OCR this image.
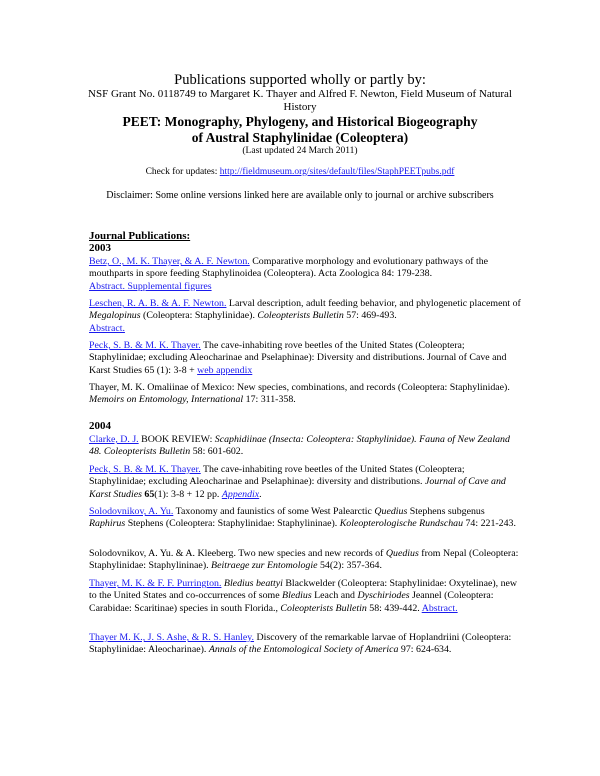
Publications supported wholly or partly by:
NSF Grant No. 0118749 to Margaret K. Thayer and Alfred F. Newton, Field Museum of Natural History
PEET: Monography, Phylogeny, and Historical Biogeography
of Austral Staphylinidae (Coleoptera)
(Last updated 24 March 2011)
Check for updates: http://fieldmuseum.org/sites/default/files/StaphPEETpubs.pdf
Disclaimer: Some online versions linked here are available only to journal or archive subscribers
Journal Publications:
2003

Betz, O., M. K. Thayer, & A. F. Newton. Comparative morphology and evolutionary pathways of the mouthparts in spore feeding Staphylinoidea (Coleoptera). Acta Zoologica 84: 179-238.

Abstract. Supplemental figures

Leschen, R. A. B. & A. F. Newton. Larval description, adult feeding behavior, and phylogenetic placement of Megalopinus (Coleoptera: Staphylinidae). Coleopterists Bulletin 57: 469-493.

Abstract.

Peck, S. B. & M. K. Thayer. The cave-inhabiting rove beetles of the United States (Coleoptera; Staphylinidae; excluding Aleocharinae and Pselaphinae): Diversity and distributions. Journal of Cave and Karst Studies 65 (1): 3-8 + web appendix

Thayer, M. K. Omaliinae of Mexico: New species, combinations, and records (Coleoptera: Staphylinidae). Memoirs on Entomology, International 17: 311-358.

2004

Clarke, D. J. BOOK REVIEW: Scaphidiinae (Insecta: Coleoptera: Staphylinidae). Fauna of New Zealand 48. Coleopterists Bulletin 58: 601-602.

Peck, S. B. & M. K. Thayer. The cave-inhabiting rove beetles of the United States (Coleoptera; Staphylinidae; excluding Aleocharinae and Pselaphinae): diversity and distributions. Journal of Cave and Karst Studies 65(1): 3-8 + 12 pp. Appendix.

Solodovnikov, A. Yu. Taxonomy and faunistics of some West Palearctic Quedius Stephens subgenus Raphirus Stephens (Coleoptera: Staphylinidae: Staphylininae). Koleopterologische Rundschau 74: 221-243.

Solodovnikov, A. Yu. & A. Kleeberg. Two new species and new records of Quedius from Nepal (Coleoptera: Staphylinidae: Staphylininae). Beitraege zur Entomologie 54(2): 357-364.

Thayer, M. K. & F. F. Purrington. Bledius beattyi Blackwelder (Coleoptera: Staphylinidae: Oxytelinae), new to the United States and co-occurrences of some Bledius Leach and Dyschiriodes Jeannel (Coleoptera: Carabidae: Scaritinae) species in south Florida., Coleopterists Bulletin 58: 439-442. Abstract.

Thayer M. K., J. S. Ashe, & R. S. Hanley. Discovery of the remarkable larvae of Hoplandriini (Coleoptera: Staphylinidae: Aleocharinae). Annals of the Entomological Society of America 97: 624-634.
